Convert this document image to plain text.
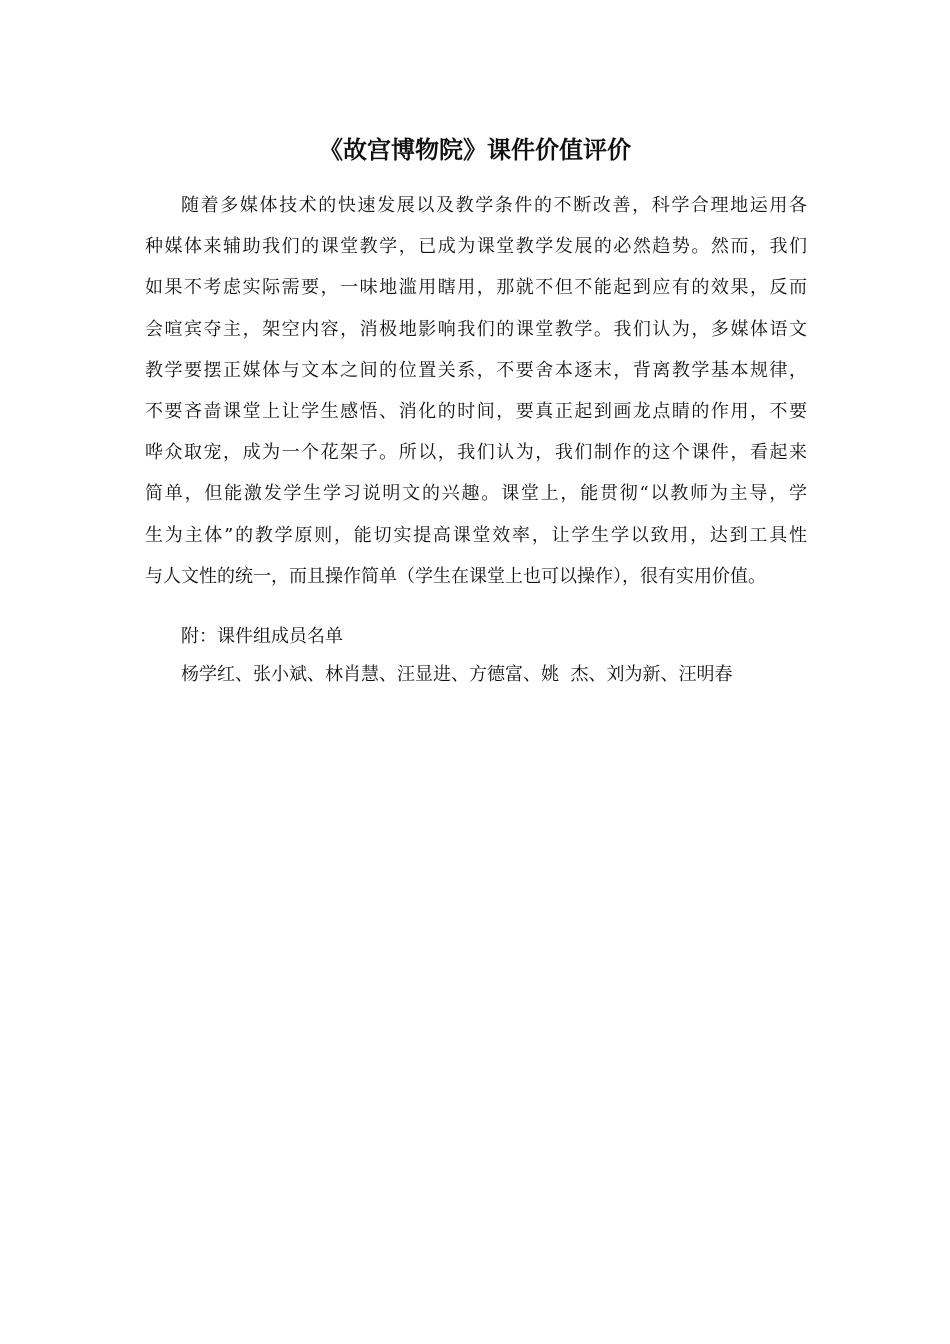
《故宫博物院》课件价值评价
随着多媒体技术的快速发展以及教学条件的不断改善，科学合理地运用各
种媒体来辅助我们的课堂教学，已成为课堂教学发展的必然趋势。然而，我们
如果不考虑实际需要，一味地滥用瞎用，那就不但不能起到应有的效果，反而
会喧宾夺主，架空内容，消极地影响我们的课堂教学。我们认为，多媒体语文
教学要摆正媒体与文本之间的位置关系，不要舍本逐末，背离教学基本规律，
不要吝啬课堂上让学生感悟、消化的时间，要真正起到画龙点睛的作用，不要
哗众取宠，成为一个花架子。所以，我们认为，我们制作的这个课件，看起来
简单，但能激发学生学习说明文的兴趣。课堂上，能贯彻“以教师为主导，学
生为主体”的教学原则，能切实提高课堂效率，让学生学以致用，达到工具性
与人文性的统一，而且操作简单（学生在课堂上也可以操作），很有实用价值。

附：课件组成员名单

杨学红、张小斌、林肖慧、汪显进、方德富、姚  杰、刘为新、汪明春
